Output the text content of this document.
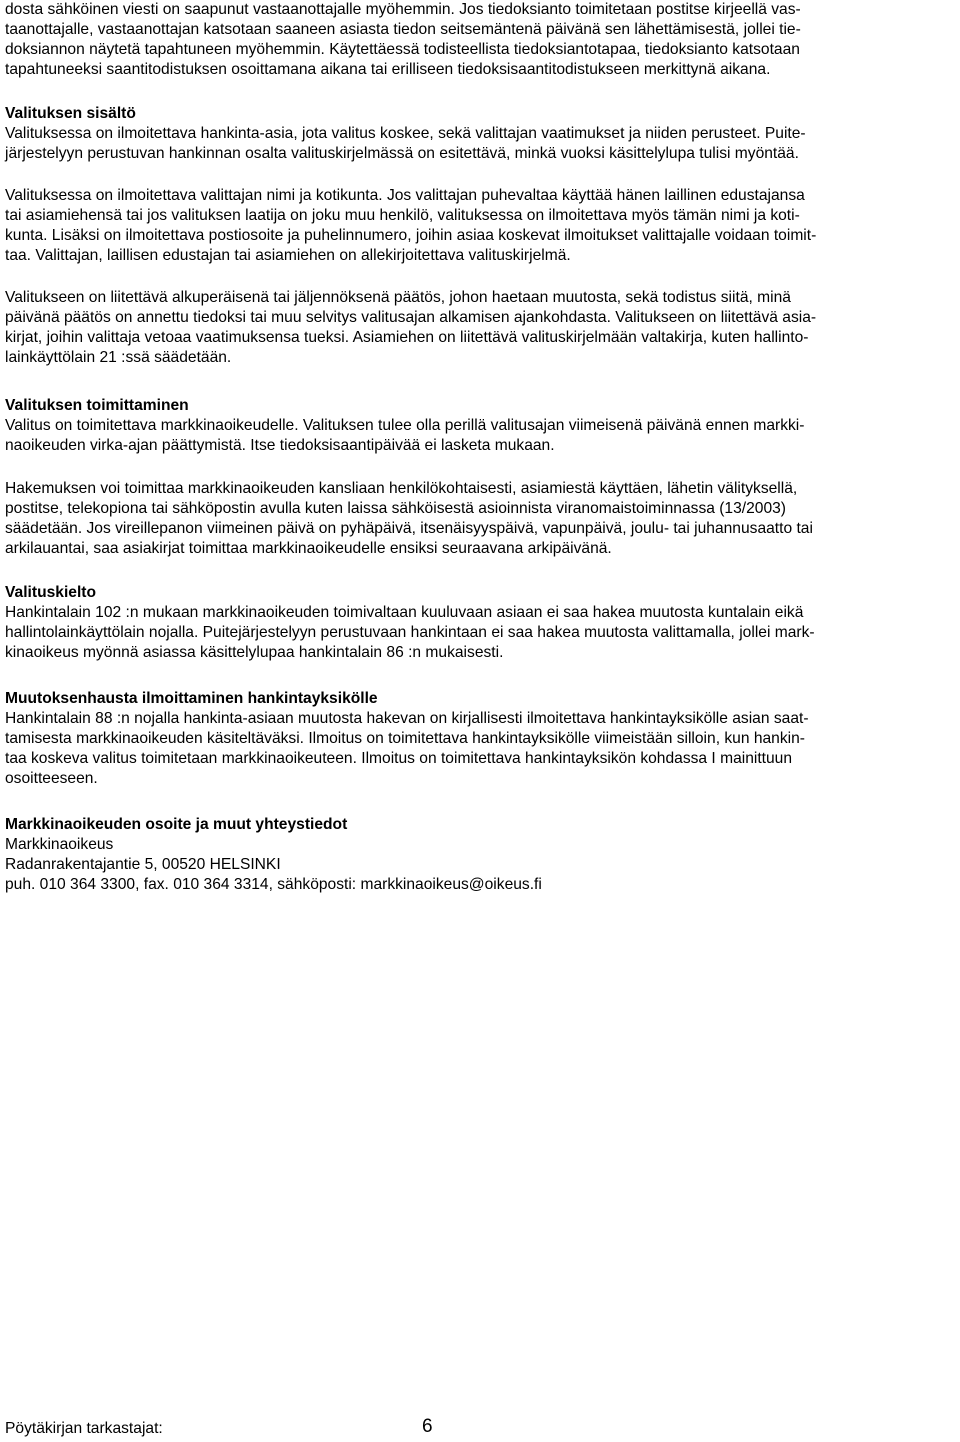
dosta sähköinen viesti on saapunut vastaanottajalle myöhemmin. Jos tiedoksianto toimitetaan postitse kirjeellä vas-

taanottajalle, vastaanottajan katsotaan saaneen asiasta tiedon seitsemäntenä päivänä sen lähettämisestä, jollei tie-

doksiannon näytetä tapahtuneen myöhemmin. Käytettäessä todisteellista tiedoksiantotapaa, tiedoksianto katsotaan

tapahtuneeksi saantitodistuksen osoittamana aikana tai erilliseen tiedoksisaantitodistukseen merkittynä aikana.

Valituksen sisältö

Valituksessa on ilmoitettava hankinta-asia, jota valitus koskee, sekä valittajan vaatimukset ja niiden perusteet. Puite-

järjestelyyn perustuvan hankinnan osalta valituskirjelmässä on esitettävä, minkä vuoksi käsittelylupa tulisi myöntää.

Valituksessa on ilmoitettava valittajan nimi ja kotikunta. Jos valittajan puhevaltaa käyttää hänen laillinen edustajansa

tai asiamiehensä tai jos valituksen laatija on joku muu henkilö, valituksessa on ilmoitettava myös tämän nimi ja koti-

kunta. Lisäksi on ilmoitettava postiosoite ja puhelinnumero, joihin asiaa koskevat ilmoitukset valittajalle voidaan toimit-

taa. Valittajan, laillisen edustajan tai asiamiehen on allekirjoitettava valituskirjelmä.

Valitukseen on liitettävä alkuperäisenä tai jäljennöksenä päätös, johon haetaan muutosta, sekä todistus siitä, minä

päivänä päätös on annettu tiedoksi tai muu selvitys valitusajan alkamisen ajankohdasta. Valitukseen on liitettävä asia-

kirjat, joihin valittaja vetoaa vaatimuksensa tueksi. Asiamiehen on liitettävä valituskirjelmään valtakirja, kuten hallinto-

lainkäyttölain 21 :ssä säädetään.

Valituksen toimittaminen

Valitus on toimitettava markkinaoikeudelle. Valituksen tulee olla perillä valitusajan viimeisenä päivänä ennen markki-

naoikeuden virka-ajan päättymistä. Itse tiedoksisaantipäivää ei lasketa mukaan.

Hakemuksen voi toimittaa markkinaoikeuden kansliaan henkilökohtaisesti, asiamiestä käyttäen, lähetin välityksellä,

postitse, telekopiona tai sähköpostin avulla kuten laissa sähköisestä asioinnista viranomaistoiminnassa (13/2003)

säädetään. Jos vireillepanon viimeinen päivä on pyhäpäivä, itsenäisyyspäivä, vapunpäivä, joulu- tai juhannusaatto tai

arkilauantai, saa asiakirjat toimittaa markkinaoikeudelle ensiksi seuraavana arkipäivänä.

Valituskielto

Hankintalain 102 :n mukaan markkinaoikeuden toimivaltaan kuuluvaan asiaan ei saa hakea muutosta kuntalain eikä

hallintolainkäyttölain nojalla. Puitejärjestelyyn perustuvaan hankintaan ei saa hakea muutosta valittamalla, jollei mark-

kinaoikeus myönnä asiassa käsittelylupaa hankintalain 86 :n mukaisesti.

Muutoksenhausta ilmoittaminen hankintayksikölle

Hankintalain 88 :n nojalla hankinta-asiaan muutosta hakevan on kirjallisesti ilmoitettava hankintayksikölle asian saat-

tamisesta markkinaoikeuden käsiteltäväksi. Ilmoitus on toimitettava hankintayksikölle viimeistään silloin, kun hankin-

taa koskeva valitus toimitetaan markkinaoikeuteen. Ilmoitus on toimitettava hankintayksikön kohdassa I mainittuun

osoitteeseen.

Markkinaoikeuden osoite ja muut yhteystiedot

Markkinaoikeus

Radanrakentajantie 5, 00520 HELSINKI

puh. 010 364 3300, fax. 010 364 3314, sähköposti: markkinaoikeus@oikeus.fi

Pöytäkirjan tarkastajat:	6
